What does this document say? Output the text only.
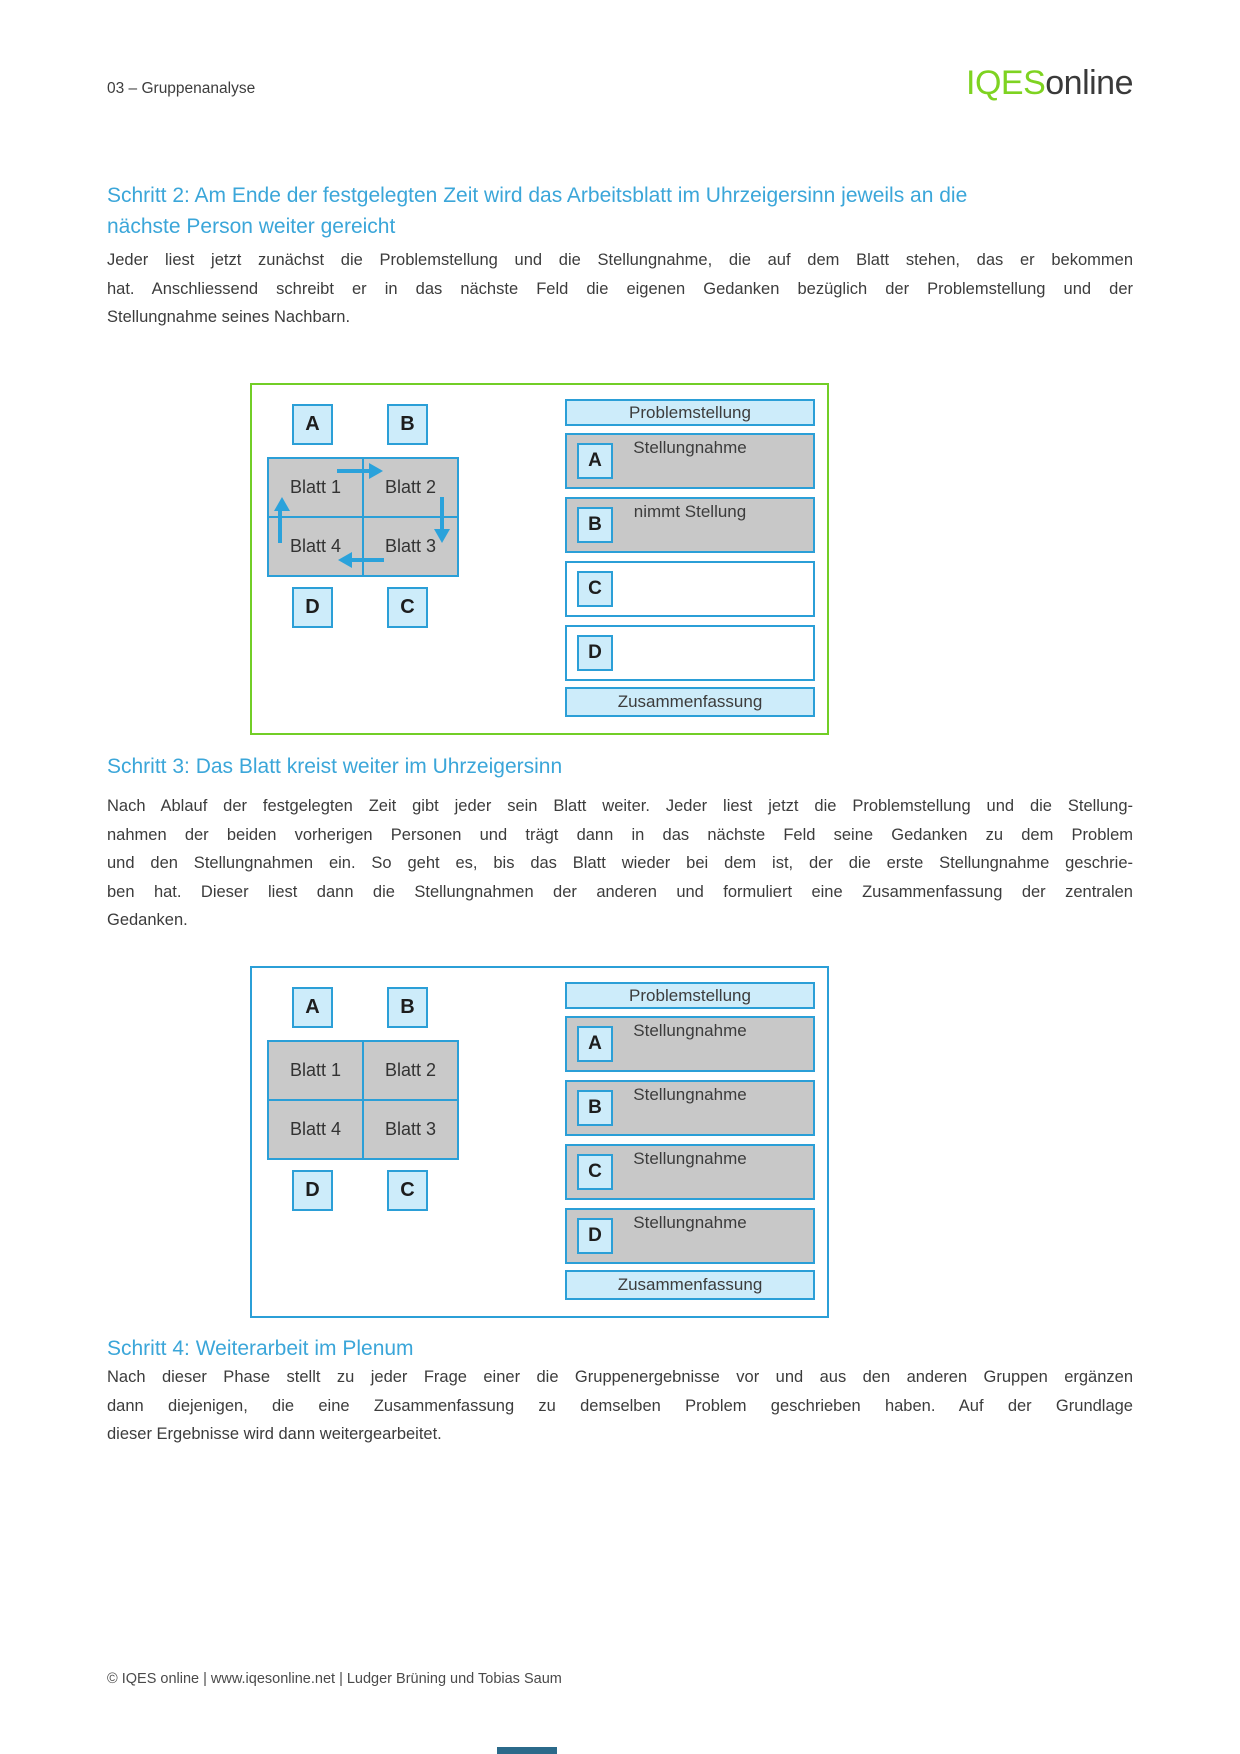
03 – Gruppenanalyse	IQESonline
Schritt 2: Am Ende der festgelegten Zeit wird das Arbeitsblatt im Uhrzeigersinn jeweils an die
nächste Person weiter gereicht
Jeder liest jetzt zunächst die Problemstellung und die Stellungnahme, die auf dem Blatt stehen, das er bekommen
hat. Anschliessend schreibt er in das nächste Feld die eigenen Gedanken bezüglich der Problemstellung und der
Stellungnahme seines Nachbarn.
A	B
Blatt 1	Blatt 2
Blatt 4	Blatt 3
D	C
Problemstellung
Stellungnahme
A
nimmt Stellung
B
C
D
Zusammenfassung
Schritt 3: Das Blatt kreist weiter im Uhrzeigersinn
Nach Ablauf der festgelegten Zeit gibt jeder sein Blatt weiter. Jeder liest jetzt die Problemstellung und die Stellung-
nahmen der beiden vorherigen Personen und trägt dann in das nächste Feld seine Gedanken zu dem Problem
und den Stellungnahmen ein. So geht es, bis das Blatt wieder bei dem ist, der die erste Stellungnahme geschrie-
ben hat. Dieser liest dann die Stellungnahmen der anderen und formuliert eine Zusammenfassung der zentralen
Gedanken.
A	B
Blatt 1	Blatt 2
Blatt 4	Blatt 3
D	C
Problemstellung
Stellungnahme
A
Stellungnahme
B
Stellungnahme
C
Stellungnahme
D
Zusammenfassung
Schritt 4: Weiterarbeit im Plenum
Nach dieser Phase stellt zu jeder Frage einer die Gruppenergebnisse vor und aus den anderen Gruppen ergänzen
dann diejenigen, die eine Zusammenfassung zu demselben Problem geschrieben haben. Auf der Grundlage
dieser Ergebnisse wird dann weitergearbeitet.
© IQES online | www.iqesonline.net | Ludger Brüning und Tobias Saum
